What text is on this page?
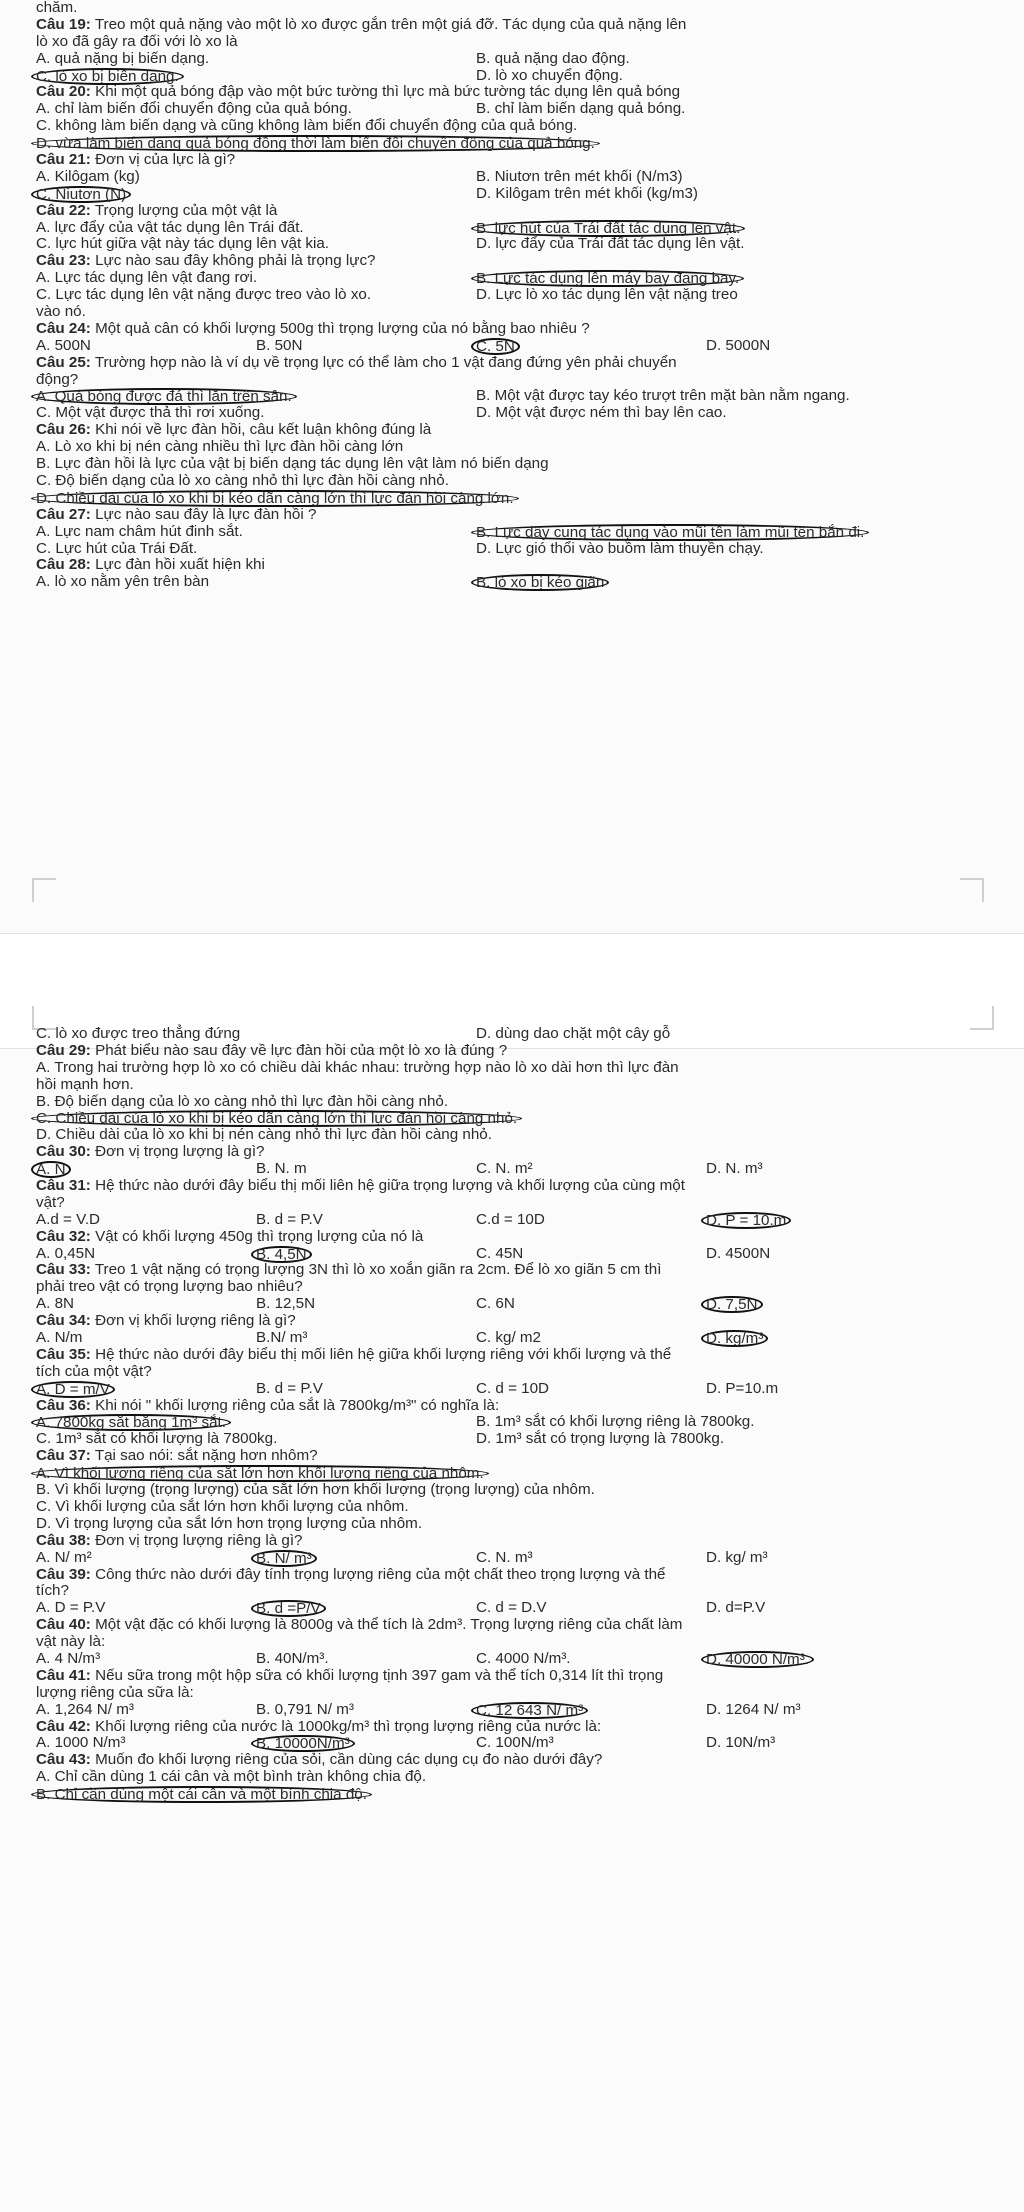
chăm.
Câu 19: Treo một quả nặng vào một lò xo được gắn trên một giá đỡ. Tác dụng của quả nặng lên
lò xo đã gây ra đối với lò xo là
A. quả nặng bị biến dạng.	B. quả nặng dao động.
C. lò xo bị biến dạng.	D. lò xo chuyển động.
Câu 20: Khi một quả bóng đập vào một bức tường thì lực mà bức tường tác dụng lên quả bóng
A. chỉ làm biến đổi chuyển động của quả bóng.	B. chỉ làm biến dạng quả bóng.
C. không làm biến dạng và cũng không làm biến đổi chuyển động của quả bóng.
D. vừa làm biến dạng quả bóng đồng thời làm biến đổi chuyển động của quả bóng.
Câu 21: Đơn vị của lực là gì?
A. Kilôgam (kg)	B. Niutơn trên mét khối (N/m3)
C. Niutơn (N)	D. Kilôgam trên mét khối (kg/m3)
Câu 22: Trọng lượng của một vật là
A. lực đẩy của vật tác dụng lên Trái đất.	B. lực hút của Trái đất tác dụng lên vật.
C. lực hút giữa vật này tác dụng lên vật kia.	D. lực đẩy của Trái đất tác dụng lên vật.
Câu 23: Lực nào sau đây không phải là trọng lực?
A. Lực tác dụng lên vật đang rơi.	B. Lực tác dụng lên máy bay đang bay.
C. Lực tác dụng lên vật nặng được treo vào lò xo.	D. Lực lò xo tác dụng lên vật nặng treo
vào nó.
Câu 24: Một quả cân có khối lượng 500g thì trọng lượng của nó bằng bao nhiêu ?
A. 500N	B. 50N	C. 5N	D. 5000N
Câu 25: Trường hợp nào là ví dụ về trọng lực có thể làm cho 1 vật đang đứng yên phải chuyển
động?
A. Quả bóng được đá thì lăn trên sân.	B. Một vật được tay kéo trượt trên mặt bàn nằm ngang.
C. Một vật được thả thì rơi xuống.	D. Một vật được ném thì bay lên cao.
Câu 26: Khi nói về lực đàn hồi, câu kết luận không đúng là
A. Lò xo khi bị nén càng nhiều thì lực đàn hồi càng lớn
B. Lực đàn hồi là lực của vật bị biến dạng tác dụng lên vật làm nó biến dạng
C. Độ biến dạng của lò xo càng nhỏ thì lực đàn hồi càng nhỏ.
D. Chiều dài của lò xo khi bị kéo dãn càng lớn thì lực đàn hồi càng lớn.
Câu 27: Lực nào sau đây là lực đàn hồi ?
A. Lực nam châm hút đinh sắt.	B. Lực dây cung tác dụng vào mũi tên làm mũi tên bắn đi.
C. Lực hút của Trái Đất.	D. Lực gió thổi vào buồm làm thuyền chạy.
Câu 28: Lực đàn hồi xuất hiện khi
A. lò xo nằm yên trên bàn	B. lò xo bị kéo giãn
C. lò xo được treo thẳng đứng	D. dùng dao chặt một cây gỗ
Câu 29: Phát biểu nào sau đây về lực đàn hồi của một lò xo là đúng ?
A. Trong hai trường hợp lò xo có chiều dài khác nhau: trường hợp nào lò xo dài hơn thì lực đàn
hồi mạnh hơn.
B. Độ biến dạng của lò xo càng nhỏ thì lực đàn hồi càng nhỏ.
C. Chiều dài của lò xo khi bị kéo dãn càng lớn thì lực đàn hồi càng nhỏ.
D. Chiều dài của lò xo khi bị nén càng nhỏ thì lực đàn hồi càng nhỏ.
Câu 30: Đơn vị trọng lượng là gì?
A. N	B. N. m	C. N. m²	D. N. m³
Câu 31: Hệ thức nào dưới đây biểu thị mối liên hệ giữa trọng lượng và khối lượng của cùng một
vật?
A.d = V.D	B. d = P.V	C.d = 10D	D. P = 10.m
Câu 32: Vật có khối lượng 450g thì trọng lượng của nó là
A. 0,45N	B. 4,5N	C. 45N	D. 4500N
Câu 33: Treo 1 vật nặng có trọng lượng 3N thì lò xo xoắn giãn ra 2cm. Để lò xo giãn 5 cm thì
phải treo vật có trọng lượng bao nhiêu?
A. 8N	B. 12,5N	C. 6N	D. 7,5N
Câu 34: Đơn vị khối lượng riêng là gì?
A. N/m	B.N/ m³	C. kg/ m2	D. kg/m³
Câu 35: Hệ thức nào dưới đây biểu thị mối liên hệ giữa khối lượng riêng với khối lượng và thể
tích của một vật?
A. D = m/V	B. d = P.V	C. d = 10D	D. P=10.m
Câu 36: Khi nói " khối lượng riêng của sắt là 7800kg/m³" có nghĩa là:
A. 7800kg sắt bằng 1m³ sắt.	B. 1m³ sắt có khối lượng riêng là 7800kg.
C. 1m³ sắt có khối lượng là 7800kg.	D. 1m³ sắt có trọng lượng là 7800kg.
Câu 37: Tại sao nói: sắt nặng hơn nhôm?
A. Vì khối lượng riêng của sắt lớn hơn khối lượng riêng của nhôm.
B. Vì khối lượng (trọng lượng) của sắt lớn hơn khối lượng (trọng lượng) của nhôm.
C. Vì khối lượng của sắt lớn hơn khối lượng của nhôm.
D. Vì trọng lượng của sắt lớn hơn trọng lượng của nhôm.
Câu 38: Đơn vị trọng lượng riêng là gì?
A. N/ m²	B. N/ m³	C. N. m³	D. kg/ m³
Câu 39: Công thức nào dưới đây tính trọng lượng riêng của một chất theo trọng lượng và thể
tích?
A. D = P.V	B. d =P/V	C. d = D.V	D. d=P.V
Câu 40: Một vật đặc có khối lượng là 8000g và thể tích là 2dm³. Trọng lượng riêng của chất làm
vật này là:
A. 4 N/m³	B. 40N/m³.	C. 4000 N/m³.	D. 40000 N/m³.
Câu 41: Nếu sữa trong một hộp sữa có khối lượng tịnh 397 gam và thể tích 0,314 lít thì trọng
lượng riêng của sữa là:
A. 1,264 N/ m³	B. 0,791 N/ m³	C. 12 643 N/ m³	D. 1264 N/ m³
Câu 42: Khối lượng riêng của nước là 1000kg/m³ thì trọng lượng riêng của nước là:
A. 1000 N/m³	B. 10000N/m³	C. 100N/m³	D. 10N/m³
Câu 43: Muốn đo khối lượng riêng của sỏi, cần dùng các dụng cụ đo nào dưới đây?
A. Chỉ cần dùng 1 cái cân và một bình tràn không chia độ.
B. Chỉ cần dùng một cái cân và một bình chia độ.
